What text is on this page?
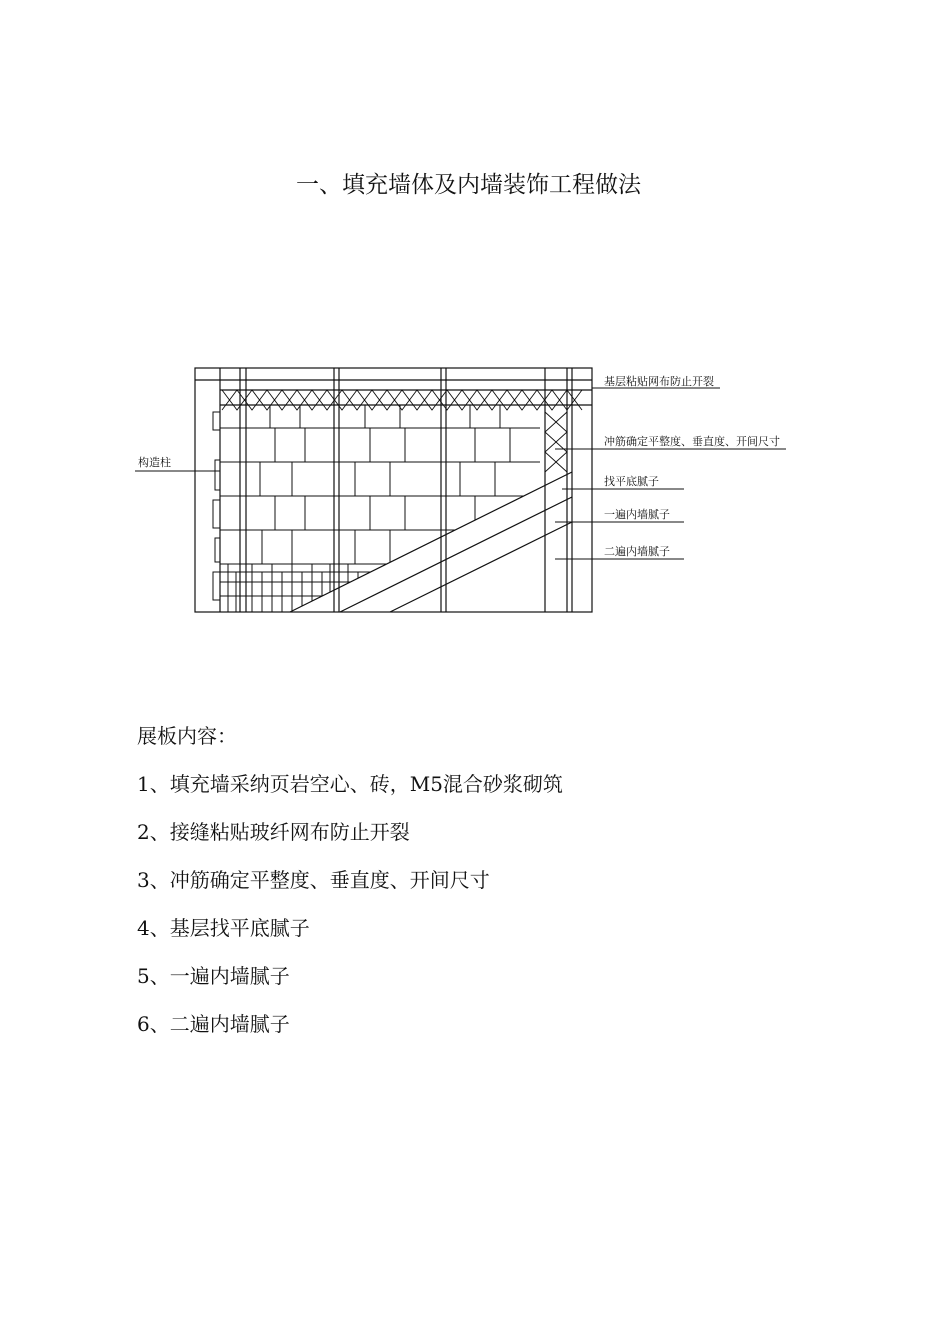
一、填充墙体及内墙装饰工程做法
构造柱
基层粘贴网布防止开裂
冲筋确定平整度、垂直度、开间尺寸
找平底腻子
一遍内墙腻子
二遍内墙腻子

展板内容：

1、填充墙采纳页岩空心、砖，M5混合砂浆砌筑
2、接缝粘贴玻纤网布防止开裂
3、冲筋确定平整度、垂直度、开间尺寸
4、基层找平底腻子
5、一遍内墙腻子
6、二遍内墙腻子
